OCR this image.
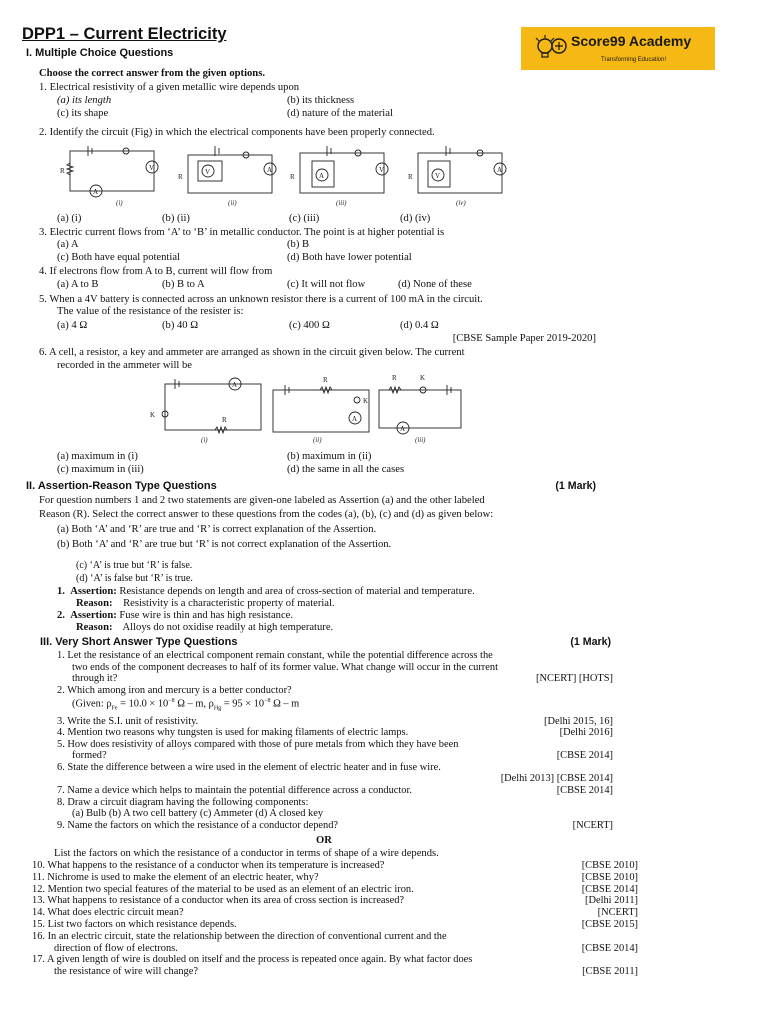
DPP1 – Current Electricity	Score99 Academy
Transforming Education!
I. Multiple Choice Questions
Choose the correct answer from the given options.
1. Electrical resistivity of a given metallic wire depends upon
(a) its length	(b) its thickness
(c) its shape	(d) nature of the material
2. Identify the circuit (Fig) in which the electrical components have been properly connected.
R	V
A
R
V	A
R	A
V
R	V
A
(i)	(ii)	(iii)	(iv)
(a) (i)	(b) (ii)	(c) (iii)	(d) (iv)
3. Electric current flows from ‘A’ to ‘B’ in metallic conductor. The point is at higher potential is
(a) A	(b) B
(c) Both have equal potential	(d) Both have lower potential
4. If electrons flow from A to B, current will flow from
(a) A to B	(b) B to A	(c) It will not flow	(d) None of these
5. When a 4V battery is connected across an unknown resistor there is a current of 100 mA in the circuit.
The value of the resistance of the resister is:
(a) 4 Ω	(b) 40 Ω	(c) 400 Ω	(d) 0.4 Ω
[CBSE Sample Paper 2019-2020]
6. A cell, a resistor, a key and ammeter are arranged as shown in the circuit given below. The current
recorded in the ammeter will be
A
K
R
R
K
A
R	K
A
(i)	(ii)	(iii)
(a) maximum in (i)	(b) maximum in (ii)
(c) maximum in (iii)	(d) the same in all the cases
II. Assertion-Reason Type Questions	(1 Mark)
For question numbers 1 and 2 two statements are given-one labeled as Assertion (a) and the other labeled
Reason (R). Select the correct answer to these questions from the codes (a), (b), (c) and (d) as given below:
(a) Both ‘A’ and ‘R’ are true and ‘R’ is correct explanation of the Assertion.
(b) Both ‘A’ and ‘R’ are true but ‘R’ is not correct explanation of the Assertion.
(c) ‘A’ is true but ‘R’ is false.
(d) ‘A’ is false but ‘R’ is true.
1. Assertion: Resistance depends on length and area of cross-section of material and temperature.
Reason: Resistivity is a characteristic property of material.
2. Assertion: Fuse wire is thin and has high resistance.
Reason: Alloys do not oxidise readily at high temperature.
III. Very Short Answer Type Questions	(1 Mark)
1. Let the resistance of an electrical component remain constant, while the potential difference across the
two ends of the component decreases to half of its former value. What change will occur in the current
through it?	[NCERT] [HOTS]
2. Which among iron and mercury is a better conductor?
(Given: $\rho_{Fe} = 10.0 \times 10^{-8}$ Ω – m, $\rho_{Hg} = 95 \times 10^{-8}$ Ω – m
3. Write the S.I. unit of resistivity.	[Delhi 2015, 16]
4. Mention two reasons why tungsten is used for making filaments of electric lamps.	[Delhi 2016]
5. How does resistivity of alloys compared with those of pure metals from which they have been
formed?	[CBSE 2014]
6. State the difference between a wire used in the element of electric heater and in fuse wire.
[Delhi 2013] [CBSE 2014]
7. Name a device which helps to maintain the potential difference across a conductor.	[CBSE 2014]
8. Draw a circuit diagram having the following components:
(a) Bulb (b) A two cell battery (c) Ammeter (d) A closed key
9. Name the factors on which the resistance of a conductor depend?	[NCERT]
OR
List the factors on which the resistance of a conductor in terms of shape of a wire depends.
10. What happens to the resistance of a conductor when its temperature is increased?	[CBSE 2010]
11. Nichrome is used to make the element of an electric heater, why?	[CBSE 2010]
12. Mention two special features of the material to be used as an element of an electric iron.	[CBSE 2014]
13. What happens to resistance of a conductor when its area of cross section is increased?	[Delhi 2011]
14. What does electric circuit mean?	[NCERT]
15. List two factors on which resistance depends.	[CBSE 2015]
16. In an electric circuit, state the relationship between the direction of conventional current and the
direction of flow of electrons.	[CBSE 2014]
17. A given length of wire is doubled on itself and the process is repeated once again. By what factor does
the resistance of wire will change?	[CBSE 2011]
